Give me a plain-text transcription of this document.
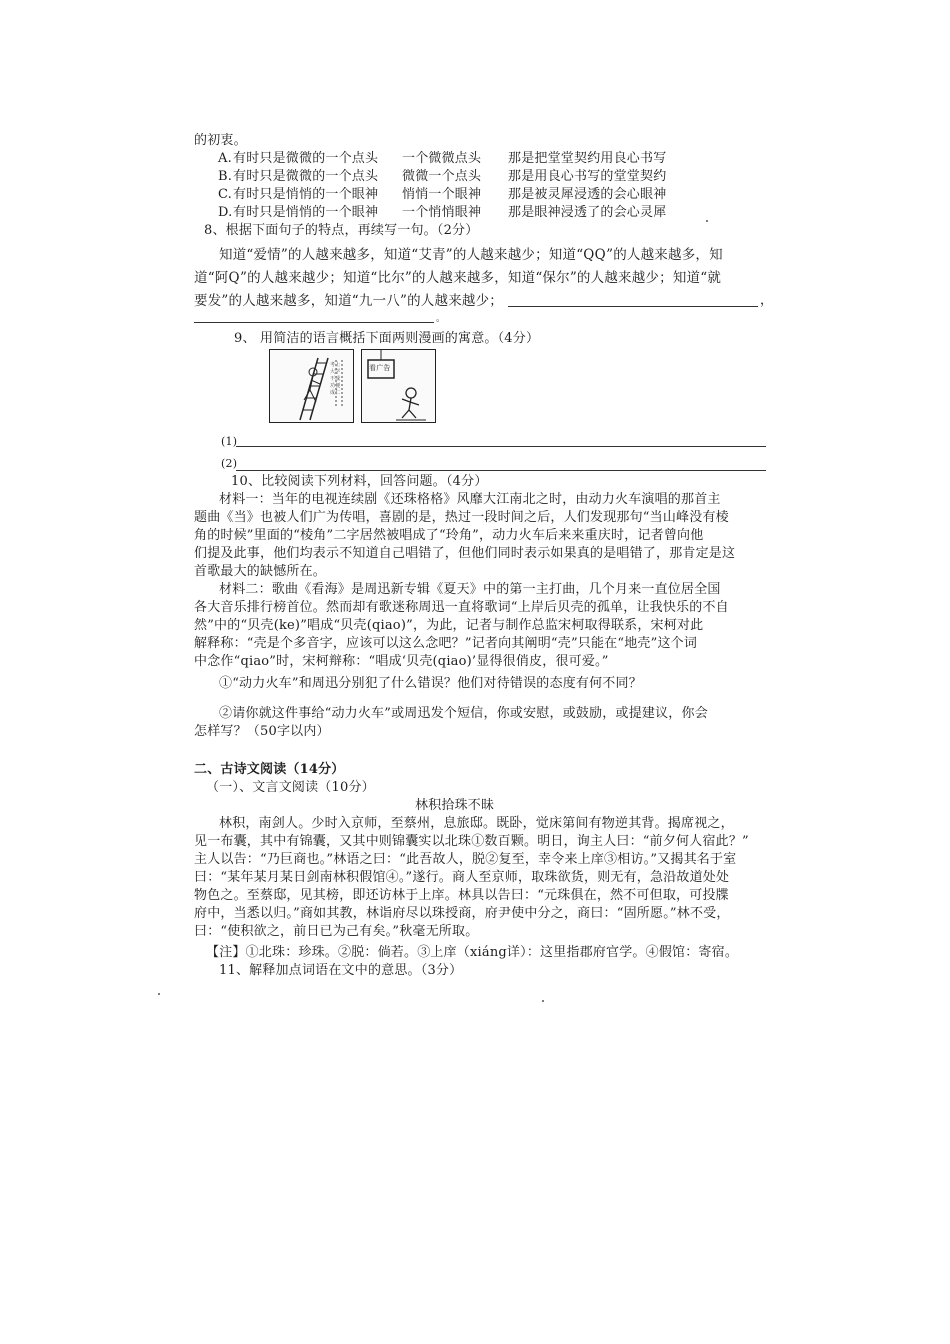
的初衷。
A. 有时只是微微的一个点头 一个微微点头 那是把堂堂契约用良心书写
B. 有时只是微微的一个点头 微微一个点头 那是用良心书写的堂堂契约
C. 有时只是悄悄的一个眼神 悄悄一个眼神 那是被灵犀浸透的会心眼神
D. 有时只是悄悄的一个眼神 一个悄悄眼神 那是眼神浸透了的会心灵犀
8、根据下面句子的特点，再续写一句。（2分）
知道“爱情”的人越来越多，知道“艾青”的人越来越少；知道“QQ”的人越来越多，知
道“阿Q”的人越来越少；知道“比尔”的人越来越多，知道“保尔”的人越来越少；知道“就
要发”的人越来越多，知道“九一八”的人越来越少；	，
。
9、 用简洁的语言概括下面两则漫画的寓意。（4分）
考上大学 不成功便成仁
看广告
(1)
(2)
10、比较阅读下列材料，回答问题。（4分）
材料一：当年的电视连续剧《还珠格格》风靡大江南北之时，由动力火车演唱的那首主
题曲《当》也被人们广为传唱，喜剧的是，热过一段时间之后，人们发现那句“当山峰没有棱
角的时候”里面的“棱角”二字居然被唱成了“玲角”，动力火车后来来重庆时，记者曾向他
们提及此事，他们均表示不知道自己唱错了，但他们同时表示如果真的是唱错了，那肯定是这
首歌最大的缺憾所在。
材料二：歌曲《看海》是周迅新专辑《夏天》中的第一主打曲，几个月来一直位居全国
各大音乐排行榜首位。然而却有歌迷称周迅一直将歌词“上岸后贝壳的孤单，让我快乐的不自
然”中的“贝壳(ke)”唱成“贝壳(qiao)”，为此，记者与制作总监宋柯取得联系，宋柯对此
解释称：“壳是个多音字，应该可以这么念吧？”记者向其阐明“壳”只能在“地壳”这个词
中念作“qiao”时，宋柯辩称：“唱成‘贝壳(qiao)’显得很俏皮，很可爱。”
①“动力火车”和周迅分别犯了什么错误？他们对待错误的态度有何不同？
②请你就这件事给“动力火车”或周迅发个短信，你或安慰，或鼓励，或提建议，你会
怎样写？（50字以内）
二、古诗文阅读（14分）
（一）、文言文阅读（10分）
林积拾珠不昧
林积，南剑人。少时入京师，至蔡州，息旅邸。既卧，觉床第间有物逆其背。揭席视之，
见一布囊，其中有锦囊，又其中则锦囊实以北珠①数百颗。明日，询主人曰：“前夕何人宿此？”
主人以告：“乃巨商也。”林语之曰：“此吾故人，脱②复至，幸令来上庠③相访。”又揭其名于室
曰：“某年某月某日剑南林积假馆④。”遂行。商人至京师，取珠欲货，则无有，急沿故道处处
物色之。至蔡邸，见其榜，即还访林于上庠。林具以告曰：“元珠俱在，然不可但取，可投牒
府中，当悉以归。”商如其教，林诣府尽以珠授商，府尹使中分之，商曰：“固所愿。”林不受，
曰：“使积欲之，前日已为己有矣。”秋毫无所取。
【注】①北珠：珍珠。②脱：倘若。③上庠（xiáng详）：这里指郡府官学。④假馆：寄宿。
11、解释加点词语在文中的意思。（3分）
